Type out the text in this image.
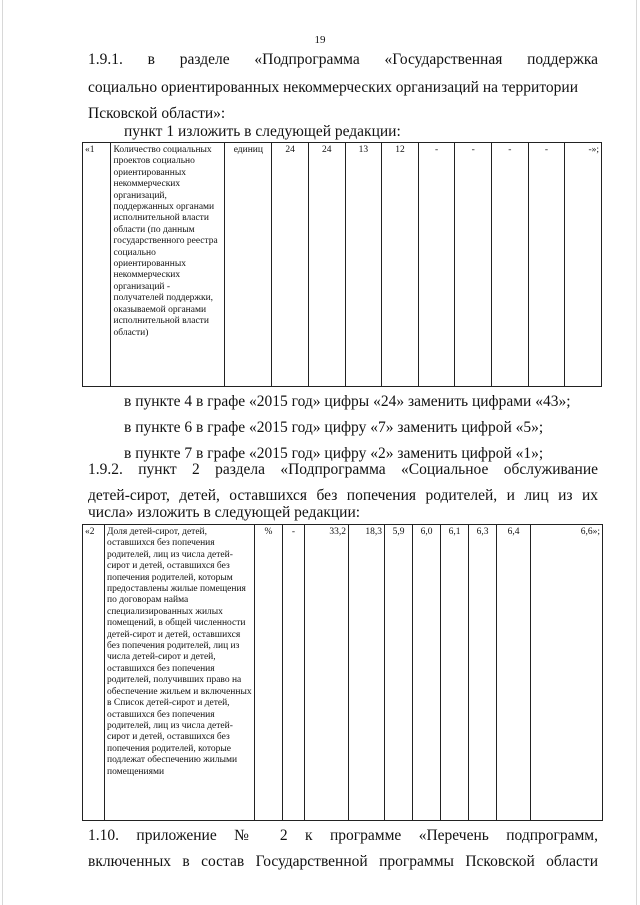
19
1.9.1. в разделе «Подпрограмма «Государственная поддержка
социально ориентированных некоммерческих организаций на территории
Псковской области»:
пункт 1 изложить в следующей редакции:
«1	Количество социальных проектов социально ориентированных некоммерческих организаций, поддержанных органами исполнительной власти области (по данным государственного реестра социально ориентированных некоммерческих организаций - получателей поддержки, оказываемой органами исполнительной власти области)	единиц	24	24	13	12	-	-	-	-	-»;
в пункте 4 в графе «2015 год» цифры «24» заменить цифрами «43»;
в пункте 6 в графе «2015 год» цифру «7» заменить цифрой «5»;
в пункте 7 в графе «2015 год» цифру «2» заменить цифрой «1»;
1.9.2. пункт 2 раздела «Подпрограмма «Социальное обслуживание
детей-сирот, детей, оставшихся без попечения родителей, и лиц из их
числа» изложить в следующей редакции:
«2	Доля детей-сирот, детей, оставшихся без попечения родителей, лиц из числа детей-сирот и детей, оставшихся без попечения родителей, которым предоставлены жилые помещения по договорам найма специализированных жилых помещений, в общей численности детей-сирот и детей, оставшихся без попечения родителей, лиц из числа детей-сирот и детей, оставшихся без попечения родителей, получивших право на обеспечение жильем и включенных в Список детей-сирот и детей, оставшихся без попечения родителей, лиц из числа детей-сирот и детей, оставшихся без попечения родителей, которые подлежат обеспечению жилыми помещениями	%	-	33,2	18,3	5,9	6,0	6,1	6,3	6,4	6,6»;
1.10. приложение № 2 к программе «Перечень подпрограмм,
включенных в состав Государственной программы Псковской области
